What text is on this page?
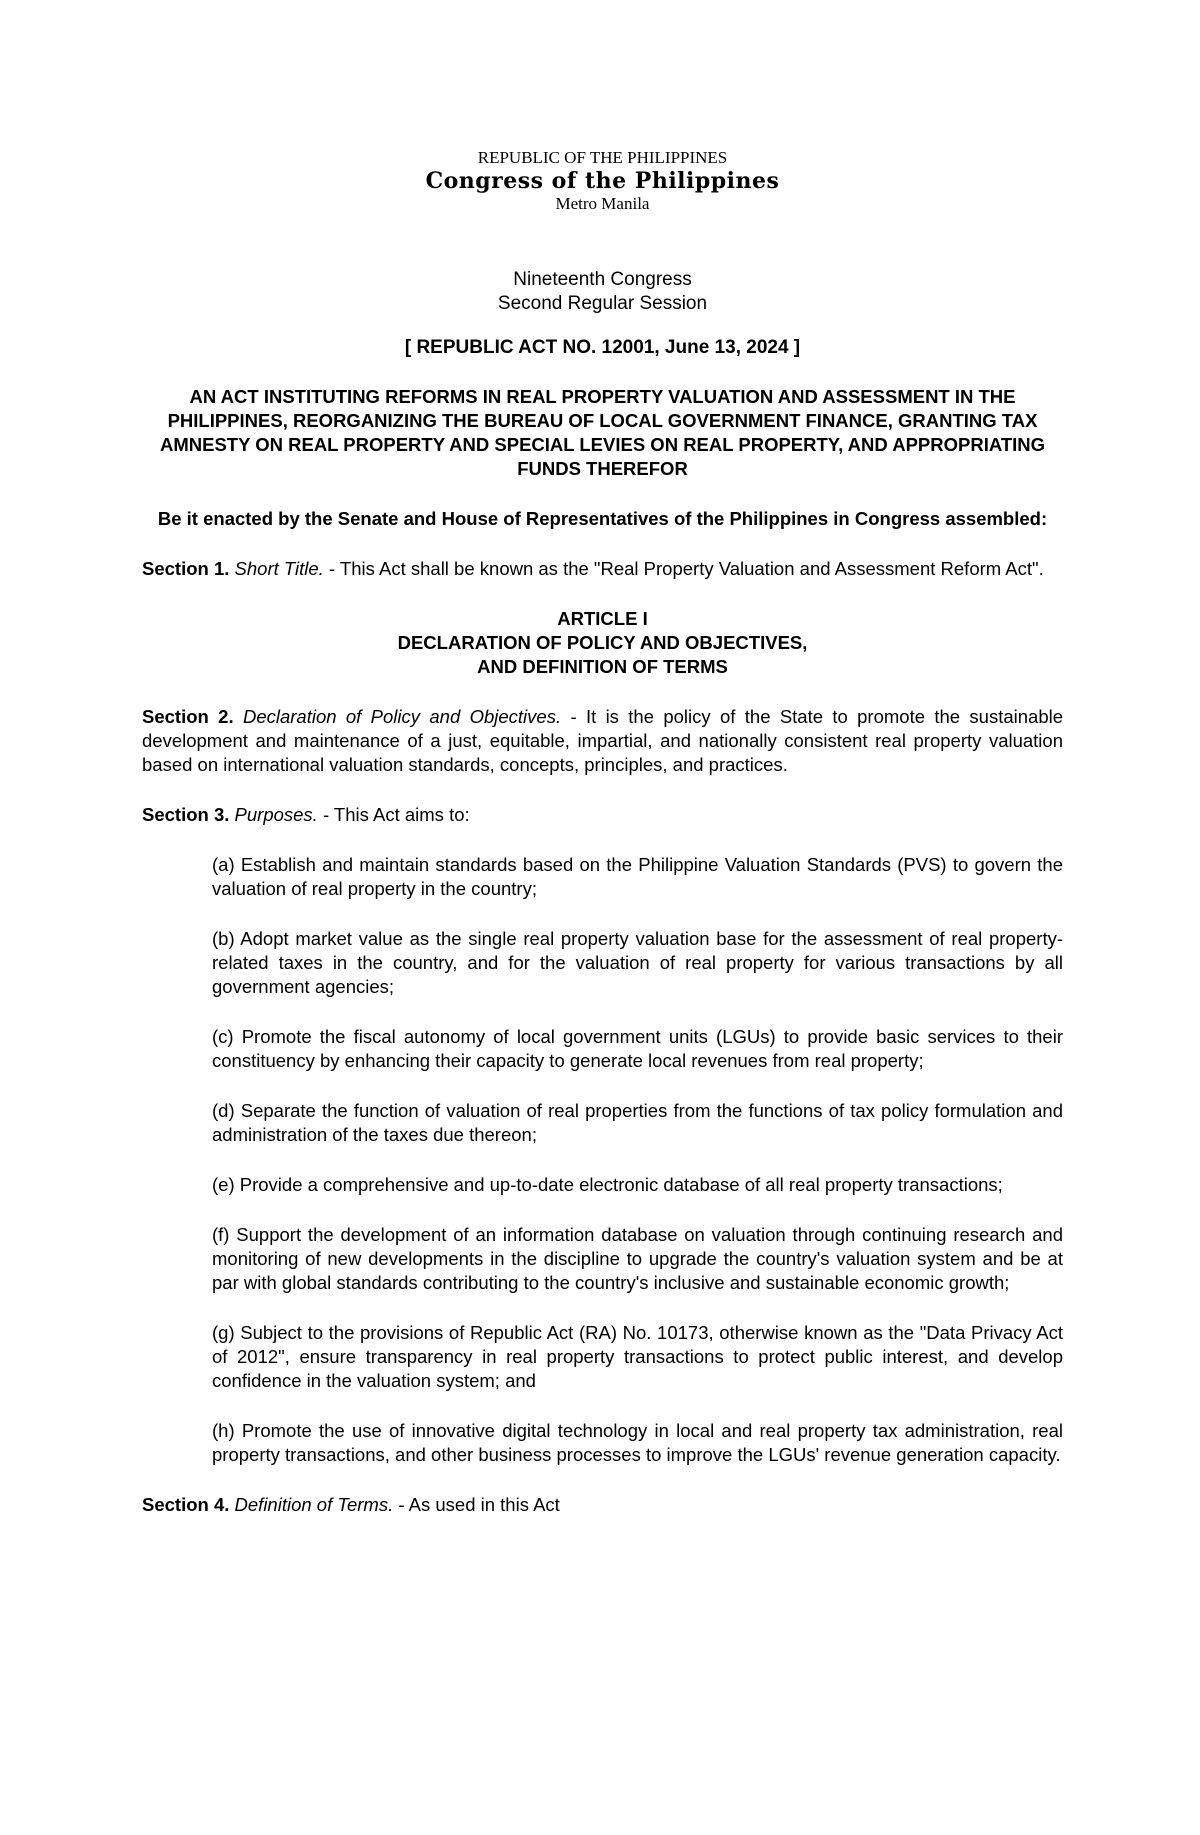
REPUBLIC OF THE PHILIPPINES
Congress of the Philippines
Metro Manila
Nineteenth Congress
Second Regular Session
[ REPUBLIC ACT NO. 12001, June 13, 2024 ]
AN ACT INSTITUTING REFORMS IN REAL PROPERTY VALUATION AND ASSESSMENT IN THE PHILIPPINES, REORGANIZING THE BUREAU OF LOCAL GOVERNMENT FINANCE, GRANTING TAX AMNESTY ON REAL PROPERTY AND SPECIAL LEVIES ON REAL PROPERTY, AND APPROPRIATING FUNDS THEREFOR
Be it enacted by the Senate and House of Representatives of the Philippines in Congress assembled:
Section 1. Short Title. - This Act shall be known as the "Real Property Valuation and Assessment Reform Act".
ARTICLE I
DECLARATION OF POLICY AND OBJECTIVES,
AND DEFINITION OF TERMS
Section 2. Declaration of Policy and Objectives. - It is the policy of the State to promote the sustainable development and maintenance of a just, equitable, impartial, and nationally consistent real property valuation based on international valuation standards, concepts, principles, and practices.
Section 3. Purposes. - This Act aims to:
(a) Establish and maintain standards based on the Philippine Valuation Standards (PVS) to govern the valuation of real property in the country;
(b) Adopt market value as the single real property valuation base for the assessment of real property-related taxes in the country, and for the valuation of real property for various transactions by all government agencies;
(c) Promote the fiscal autonomy of local government units (LGUs) to provide basic services to their constituency by enhancing their capacity to generate local revenues from real property;
(d) Separate the function of valuation of real properties from the functions of tax policy formulation and administration of the taxes due thereon;
(e) Provide a comprehensive and up-to-date electronic database of all real property transactions;
(f) Support the development of an information database on valuation through continuing research and monitoring of new developments in the discipline to upgrade the country's valuation system and be at par with global standards contributing to the country's inclusive and sustainable economic growth;
(g) Subject to the provisions of Republic Act (RA) No. 10173, otherwise known as the "Data Privacy Act of 2012", ensure transparency in real property transactions to protect public interest, and develop confidence in the valuation system; and
(h) Promote the use of innovative digital technology in local and real property tax administration, real property transactions, and other business processes to improve the LGUs' revenue generation capacity.
Section 4. Definition of Terms. - As used in this Act
